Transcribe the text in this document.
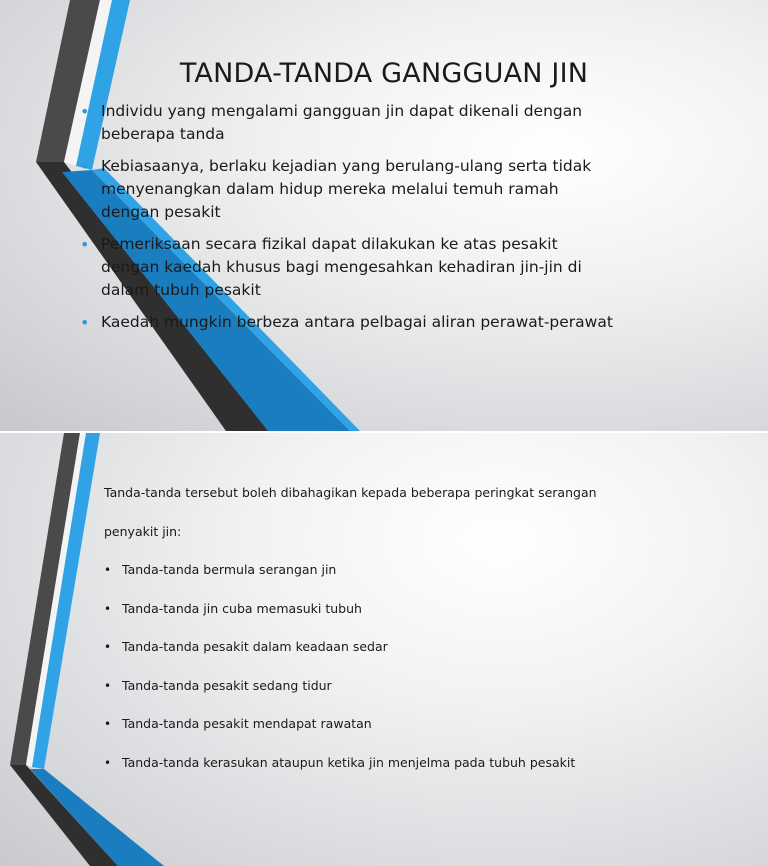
TANDA-TANDA GANGGUAN JIN
• Individu yang mengalami gangguan jin dapat dikenali dengan beberapa tanda
• Kebiasaanya, berlaku kejadian yang berulang-ulang serta tidak menyenangkan dalam hidup mereka melalui temuh ramah dengan pesakit
• Pemeriksaan secara fizikal dapat dilakukan ke atas pesakit dengan kaedah khusus bagi mengesahkan kehadiran jin-jin di dalam tubuh pesakit
• Kaedah mungkin berbeza antara pelbagai aliran perawat-perawat

Tanda-tanda tersebut boleh dibahagikan kepada beberapa peringkat serangan

penyakit jin:

• Tanda-tanda bermula serangan jin
• Tanda-tanda jin cuba memasuki tubuh
• Tanda-tanda pesakit dalam keadaan sedar
• Tanda-tanda pesakit sedang tidur
• Tanda-tanda pesakit mendapat rawatan
• Tanda-tanda kerasukan ataupun ketika jin menjelma pada tubuh pesakit
